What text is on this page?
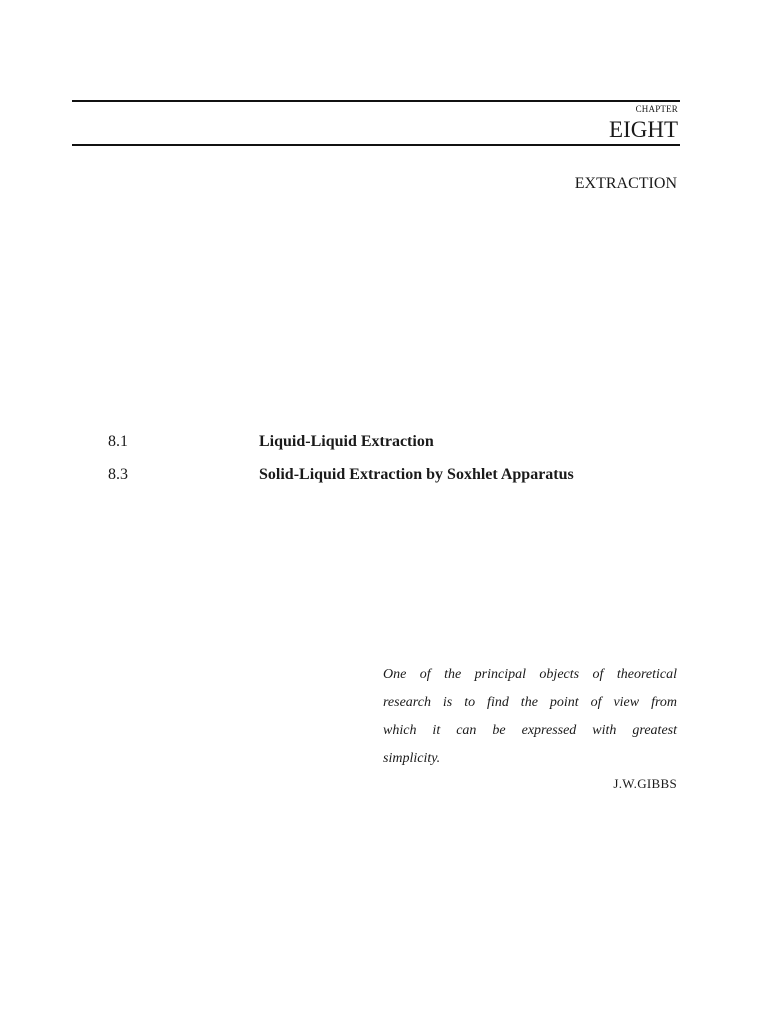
CHAPTER
EIGHT
EXTRACTION
8.1	Liquid-Liquid Extraction
8.3	Solid-Liquid Extraction by Soxhlet Apparatus
One of the principal objects of theoretical
research is to find the point of view from
which it can be expressed with greatest
simplicity.
J.W.GIBBS
